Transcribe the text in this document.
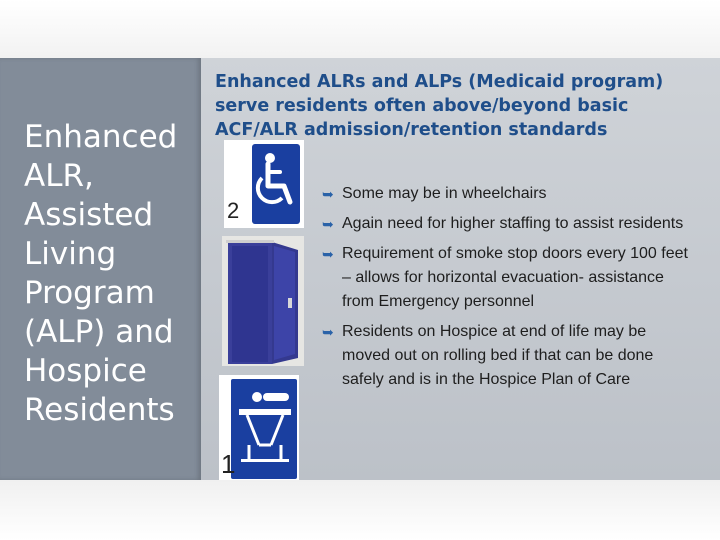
Enhanced ALR, Assisted Living Program (ALP) and Hospice Residents
Enhanced ALRs and ALPs (Medicaid program) serve residents often above/beyond basic ACF/ALR admission/retention standards
2
1
➥ Some may be in wheelchairs
➥ Again need for higher staffing to assist residents
➥ Requirement of smoke stop doors every 100 feet – allows for horizontal evacuation- assistance from Emergency personnel
➥ Residents on Hospice at end of life may be moved out on rolling bed if that can be done safely and is in the Hospice Plan of Care
